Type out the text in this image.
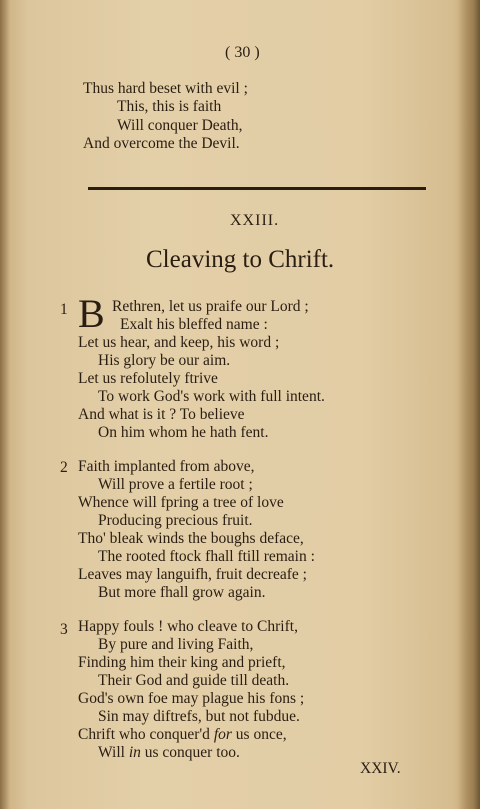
( 30 )
Thus hard beset with evil ;
This, this is faith
Will conquer Death,
And overcome the Devil.
XXIII.
Cleaving to Chrift.
1 B Rethren, let us praife our Lord ;
Exalt his bleffed name :
Let us hear, and keep, his word ;
His glory be our aim.
Let us refolutely ftrive
To work God's work with full intent.
And what is it ? To believe
On him whom he hath fent.
2 Faith implanted from above,
Will prove a fertile root ;
Whence will fpring a tree of love
Producing precious fruit.
Tho' bleak winds the boughs deface,
The rooted ftock fhall ftill remain :
Leaves may languifh, fruit decreafe ;
But more fhall grow again.
3 Happy fouls ! who cleave to Chrift,
By pure and living Faith,
Finding him their king and prieft,
Their God and guide till death.
God's own foe may plague his fons ;
Sin may diftrefs, but not fubdue.
Chrift who conquer'd for us once,
Will in us conquer too.
XXIV.
